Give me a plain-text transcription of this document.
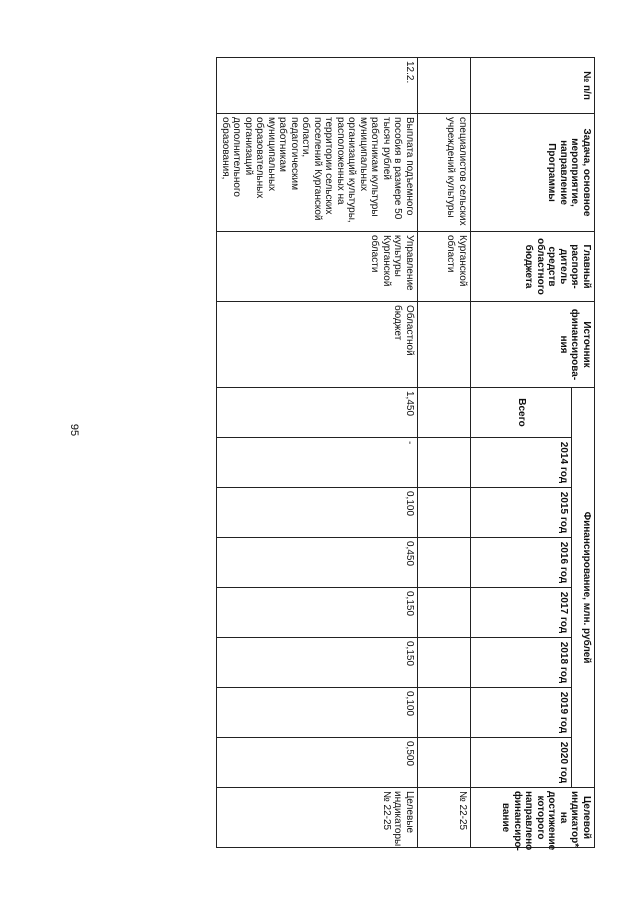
95
№ п/п	Задача, основное мероприятие, направление Программы	Главный распоря-дитель средств областного бюджета	Источник финансирова-ния	Финансирование, млн. рублей								Целевой индикатор* на достижение которого направлено финансиро-вание
				Всего	2014 год	2015 год	2016 год	2017 год	2018 год	2019 год	2020 год	
	специалистов сельских учреждений культуры	Курганской области										№ 22-25
12.2.	Выплата подъемного пособия в размере 50 тысяч рублей работникам культуры муниципальных организаций культуры, расположенных на территории сельских поселений Курганской области, педагогическим работникам муниципальных образовательных организаций дополнительного образования,	Управление культуры Курганской области	Областной бюджет	1,450	-	0,100	0,450	0,150	0,150	0,100	0,500	Целевые индикаторы № 22-25
